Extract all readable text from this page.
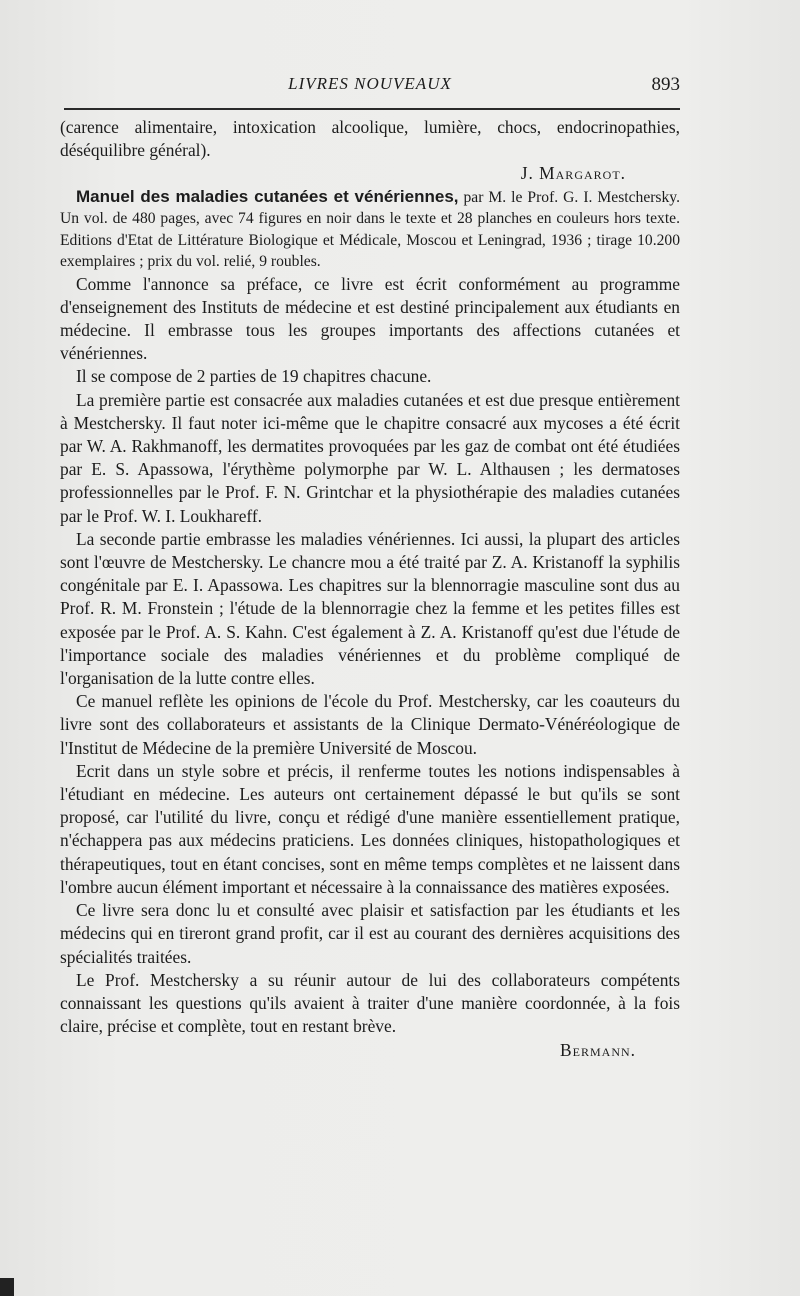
LIVRES NOUVEAUX	893

(carence alimentaire, intoxication alcoolique, lumière, chocs, endocrinopathies, déséquilibre général).

J. Margarot.

Manuel des maladies cutanées et vénériennes, par M. le Prof. G. I. Mestchersky. Un vol. de 480 pages, avec 74 figures en noir dans le texte et 28 planches en couleurs hors texte. Editions d'Etat de Littérature Biologique et Médicale, Moscou et Leningrad, 1936 ; tirage 10.200 exemplaires ; prix du vol. relié, 9 roubles.

Comme l'annonce sa préface, ce livre est écrit conformément au programme d'enseignement des Instituts de médecine et est destiné principalement aux étudiants en médecine. Il embrasse tous les groupes importants des affections cutanées et vénériennes.

Il se compose de 2 parties de 19 chapitres chacune.

La première partie est consacrée aux maladies cutanées et est due presque entièrement à Mestchersky. Il faut noter ici-même que le chapitre consacré aux mycoses a été écrit par W. A. Rakhmanoff, les dermatites provoquées par les gaz de combat ont été étudiées par E. S. Apassowa, l'érythème polymorphe par W. L. Althausen ; les dermatoses professionnelles par le Prof. F. N. Grintchar et la physiothérapie des maladies cutanées par le Prof. W. I. Loukhareff.

La seconde partie embrasse les maladies vénériennes. Ici aussi, la plupart des articles sont l'œuvre de Mestchersky. Le chancre mou a été traité par Z. A. Kristanoff la syphilis congénitale par E. I. Apassowa. Les chapitres sur la blennorragie masculine sont dus au Prof. R. M. Fronstein ; l'étude de la blennorragie chez la femme et les petites filles est exposée par le Prof. A. S. Kahn. C'est également à Z. A. Kristanoff qu'est due l'étude de l'importance sociale des maladies vénériennes et du problème compliqué de l'organisation de la lutte contre elles.

Ce manuel reflète les opinions de l'école du Prof. Mestchersky, car les coauteurs du livre sont des collaborateurs et assistants de la Clinique Dermato-Vénéréologique de l'Institut de Médecine de la première Université de Moscou.

Ecrit dans un style sobre et précis, il renferme toutes les notions indispensables à l'étudiant en médecine. Les auteurs ont certainement dépassé le but qu'ils se sont proposé, car l'utilité du livre, conçu et rédigé d'une manière essentiellement pratique, n'échappera pas aux médecins praticiens. Les données cliniques, histopathologiques et thérapeutiques, tout en étant concises, sont en même temps complètes et ne laissent dans l'ombre aucun élément important et nécessaire à la connaissance des matières exposées.

Ce livre sera donc lu et consulté avec plaisir et satisfaction par les étudiants et les médecins qui en tireront grand profit, car il est au courant des dernières acquisitions des spécialités traitées.

Le Prof. Mestchersky a su réunir autour de lui des collaborateurs compétents connaissant les questions qu'ils avaient à traiter d'une manière coordonnée, à la fois claire, précise et complète, tout en restant brève.

Bermann.
